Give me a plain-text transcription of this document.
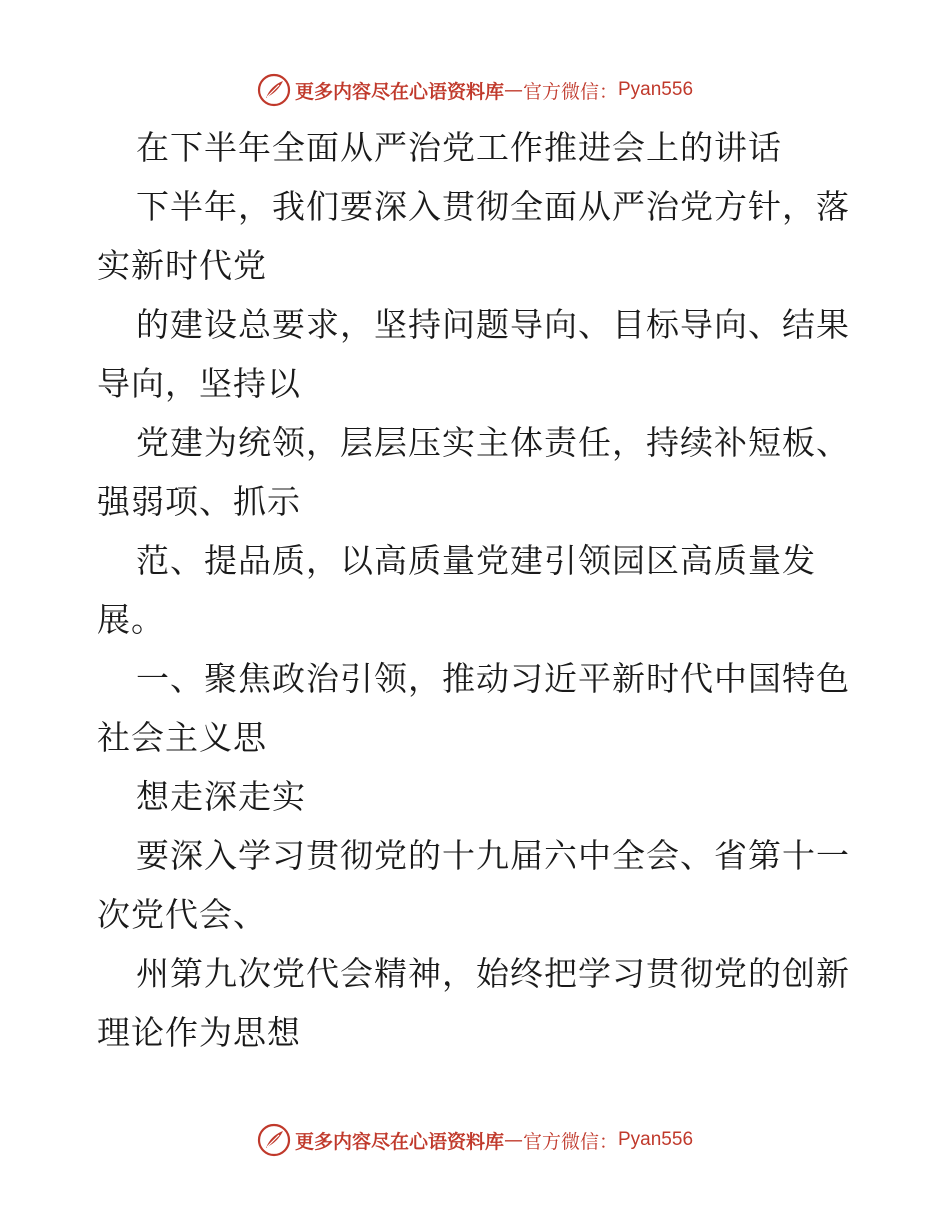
更多内容尽在心语资料库 — 官方微信： Pyan556
在下半年全面从严治党工作推进会上的讲话
下半年，我们要深入贯彻全面从严治党方针，落
实新时代党
的建设总要求，坚持问题导向、目标导向、结果
导向，坚持以
党建为统领，层层压实主体责任，持续补短板、
强弱项、抓示
范、提品质，以高质量党建引领园区高质量发
展。
一、聚焦政治引领，推动习近平新时代中国特色
社会主义思
想走深走实
要深入学习贯彻党的十九届六中全会、省第十一
次党代会、
州第九次党代会精神，始终把学习贯彻党的创新
理论作为思想
更多内容尽在心语资料库 — 官方微信： Pyan556
